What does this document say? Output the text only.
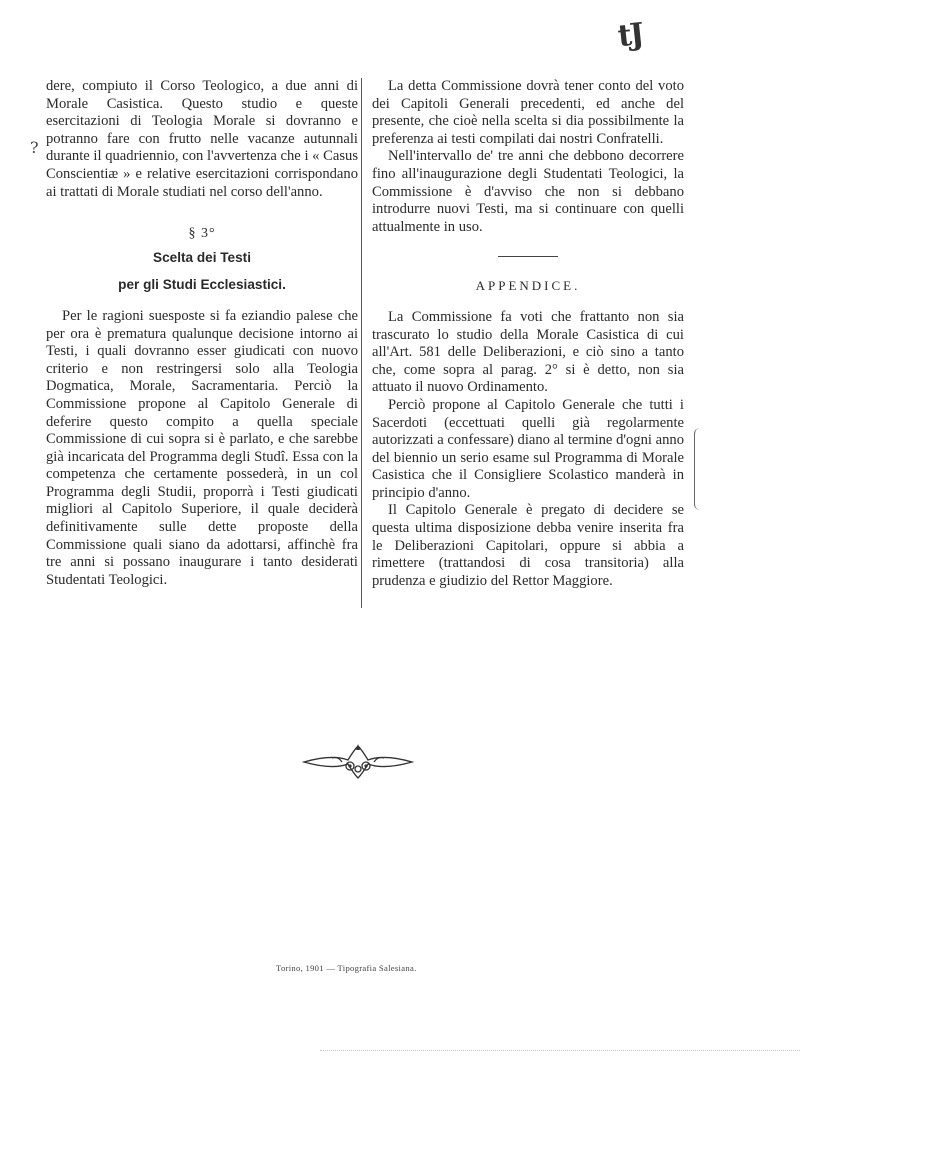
tJ
?

dere, compiuto il Corso Teologico, a due anni di Morale Casistica. Questo studio e queste esercitazioni di Teologia Morale si dovranno e potranno fare con frutto nelle vacanze autunnali durante il quadriennio, con l'avvertenza che i « Casus Conscientiæ » e relative esercitazioni corrispondano ai trattati di Morale studiati nel corso dell'anno.

§ 3°
Scelta dei Testi
per gli Studi Ecclesiastici.

Per le ragioni suesposte si fa eziandio palese che per ora è prematura qualunque decisione intorno ai Testi, i quali dovranno esser giudicati con nuovo criterio e non restringersi solo alla Teologia Dogmatica, Morale, Sacramentaria. Perciò la Commissione propone al Capitolo Generale di deferire questo compito a quella speciale Commissione di cui sopra si è parlato, e che sarebbe già incaricata del Programma degli Studî. Essa con la competenza che certamente possederà, in un col Programma degli Studii, proporrà i Testi giudicati migliori al Capitolo Superiore, il quale deciderà definitivamente sulle dette proposte della Commissione quali siano da adottarsi, affinchè fra tre anni si possano inaugurare i tanto desiderati Studentati Teologici.

La detta Commissione dovrà tener conto del voto dei Capitoli Generali precedenti, ed anche del presente, che cioè nella scelta si dia possibilmente la preferenza ai testi compilati dai nostri Confratelli.

Nell'intervallo de' tre anni che debbono decorrere fino all'inaugurazione degli Studentati Teologici, la Commissione è d'avviso che non si debbano introdurre nuovi Testi, ma si continuare con quelli attualmente in uso.

APPENDICE.

La Commissione fa voti che frattanto non sia trascurato lo studio della Morale Casistica di cui all'Art. 581 delle Deliberazioni, e ciò sino a tanto che, come sopra al parag. 2° si è detto, non sia attuato il nuovo Ordinamento.

Perciò propone al Capitolo Generale che tutti i Sacerdoti (eccettuati quelli già regolarmente autorizzati a confessare) diano al termine d'ogni anno del biennio un serio esame sul Programma di Morale Casistica che il Consigliere Scolastico manderà in principio d'anno.

Il Capitolo Generale è pregato di decidere se questa ultima disposizione debba venire inserita fra le Deliberazioni Capitolari, oppure si abbia a rimettere (trattandosi di cosa transitoria) alla prudenza e giudizio del Rettor Maggiore.

Torino, 1901 — Tipografia Salesiana.
